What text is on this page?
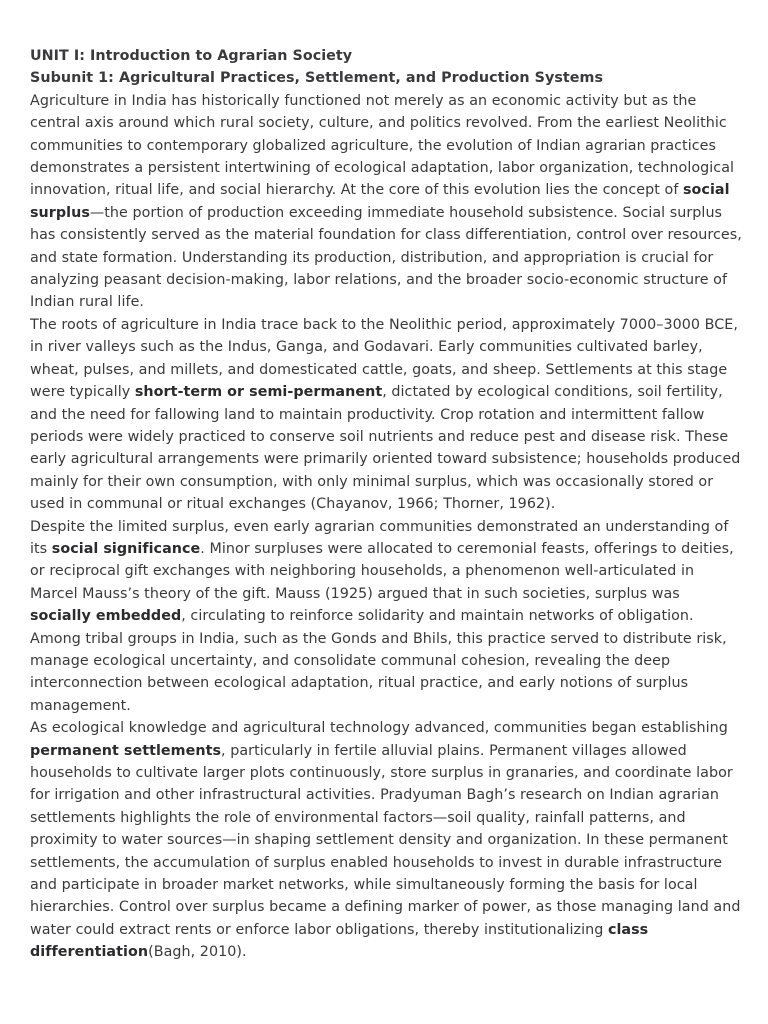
UNIT I: Introduction to Agrarian Society
Subunit 1: Agricultural Practices, Settlement, and Production Systems

Agriculture in India has historically functioned not merely as an economic activity but as the central axis around which rural society, culture, and politics revolved. From the earliest Neolithic communities to contemporary globalized agriculture, the evolution of Indian agrarian practices demonstrates a persistent intertwining of ecological adaptation, labor organization, technological innovation, ritual life, and social hierarchy. At the core of this evolution lies the concept of social surplus—the portion of production exceeding immediate household subsistence. Social surplus has consistently served as the material foundation for class differentiation, control over resources, and state formation. Understanding its production, distribution, and appropriation is crucial for analyzing peasant decision-making, labor relations, and the broader socio-economic structure of Indian rural life.

The roots of agriculture in India trace back to the Neolithic period, approximately 7000–3000 BCE, in river valleys such as the Indus, Ganga, and Godavari. Early communities cultivated barley, wheat, pulses, and millets, and domesticated cattle, goats, and sheep. Settlements at this stage were typically short-term or semi-permanent, dictated by ecological conditions, soil fertility, and the need for fallowing land to maintain productivity. Crop rotation and intermittent fallow periods were widely practiced to conserve soil nutrients and reduce pest and disease risk. These early agricultural arrangements were primarily oriented toward subsistence; households produced mainly for their own consumption, with only minimal surplus, which was occasionally stored or used in communal or ritual exchanges (Chayanov, 1966; Thorner, 1962).

Despite the limited surplus, even early agrarian communities demonstrated an understanding of its social significance. Minor surpluses were allocated to ceremonial feasts, offerings to deities, or reciprocal gift exchanges with neighboring households, a phenomenon well-articulated in Marcel Mauss’s theory of the gift. Mauss (1925) argued that in such societies, surplus was socially embedded, circulating to reinforce solidarity and maintain networks of obligation. Among tribal groups in India, such as the Gonds and Bhils, this practice served to distribute risk, manage ecological uncertainty, and consolidate communal cohesion, revealing the deep interconnection between ecological adaptation, ritual practice, and early notions of surplus management.

As ecological knowledge and agricultural technology advanced, communities began establishing permanent settlements, particularly in fertile alluvial plains. Permanent villages allowed households to cultivate larger plots continuously, store surplus in granaries, and coordinate labor for irrigation and other infrastructural activities. Pradyuman Bagh’s research on Indian agrarian settlements highlights the role of environmental factors—soil quality, rainfall patterns, and proximity to water sources—in shaping settlement density and organization. In these permanent settlements, the accumulation of surplus enabled households to invest in durable infrastructure and participate in broader market networks, while simultaneously forming the basis for local hierarchies. Control over surplus became a defining marker of power, as those managing land and water could extract rents or enforce labor obligations, thereby institutionalizing class differentiation(Bagh, 2010).
